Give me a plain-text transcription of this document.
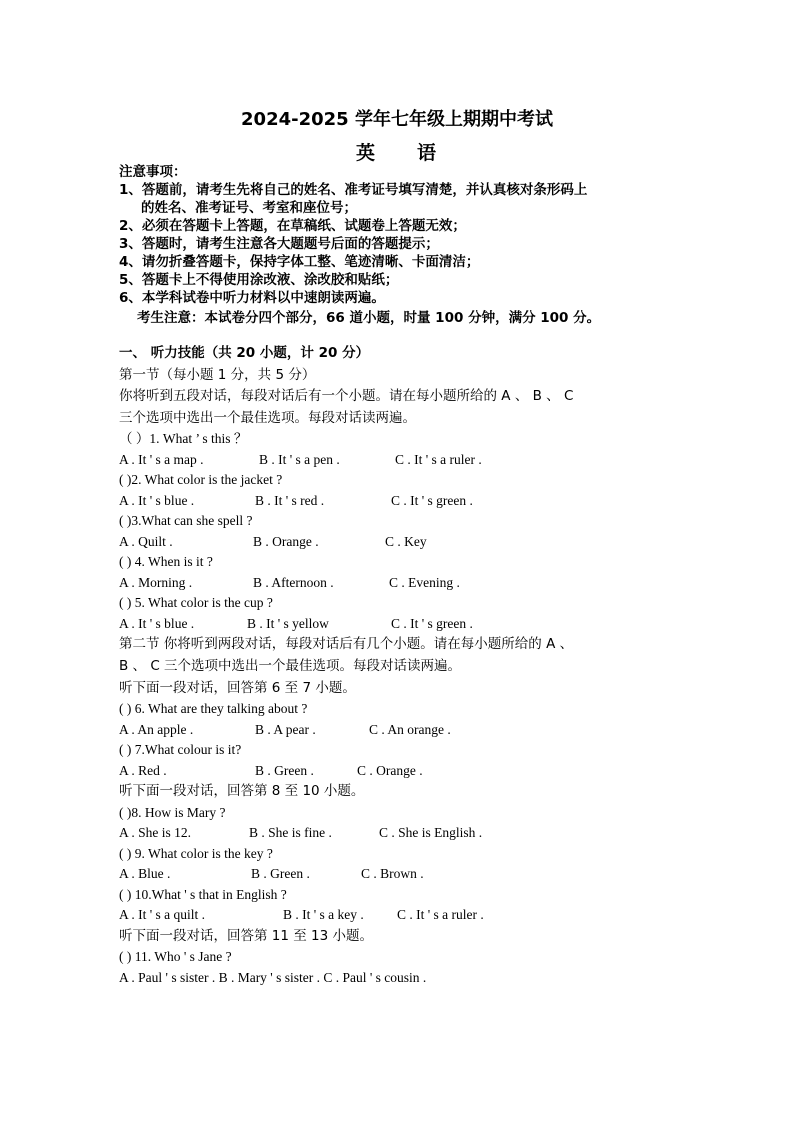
2024-2025 学年七年级上期期中考试
英 语
注意事项：
1、答题前，请考生先将自己的姓名、准考证号填写清楚，并认真核对条形码上
的姓名、准考证号、考室和座位号；
2、必须在答题卡上答题，在草稿纸、试题卷上答题无效；
3、答题时，请考生注意各大题题号后面的答题提示；
4、请勿折叠答题卡，保持字体工整、笔迹清晰、卡面清洁；
5、答题卡上不得使用涂改液、涂改胶和贴纸；
6、本学科试卷中听力材料以中速朗读两遍。
考生注意：本试卷分四个部分，66 道小题，时量 100 分钟，满分 100 分。
一、 听力技能（共 20 小题，计 20 分）
第一节（每小题 1 分，共 5 分）
你将听到五段对话，每段对话后有一个小题。请在每小题所给的 A 、 B 、 C
三个选项中选出一个最佳选项。每段对话读两遍。
（ ）1. What ’ s this ？
A . It ' s a map .	B . It ' s a pen .	C . It ' s a ruler .
( )2. What color is the jacket ?
A . It ' s blue .	B . It ' s red .	C . It ' s green .
( )3.What can she spell ?
A . Quilt .	B . Orange .	C . Key
( ) 4. When is it ?
A . Morning .	B . Afternoon .	C . Evening .
( ) 5. What color is the cup ?
A . It ' s blue .	B . It ' s yellow	C . It ' s green .
第二节 你将听到两段对话，每段对话后有几个小题。请在每小题所给的 A 、
B 、 C 三个选项中选出一个最佳选项。每段对话读两遍。
听下面一段对话，回答第 6 至 7 小题。
( ) 6. What are they talking about ?
A . An apple .	B . A pear .	C . An orange .
( ) 7.What colour is it?
A . Red .	B . Green .	C . Orange .
听下面一段对话，回答第 8 至 10 小题。
( )8. How is Mary ?
A . She is 12.	B . She is fine .	C . She is English .
( ) 9. What color is the key ?
A . Blue .	B . Green .	C . Brown .
( ) 10.What ' s that in English ?
A . It ' s a quilt .	B . It ' s a key .	C . It ' s a ruler .
听下面一段对话，回答第 11 至 13 小题。
( ) 11. Who ' s Jane ?
A . Paul ' s sister . B . Mary ' s sister . C . Paul ' s cousin .
